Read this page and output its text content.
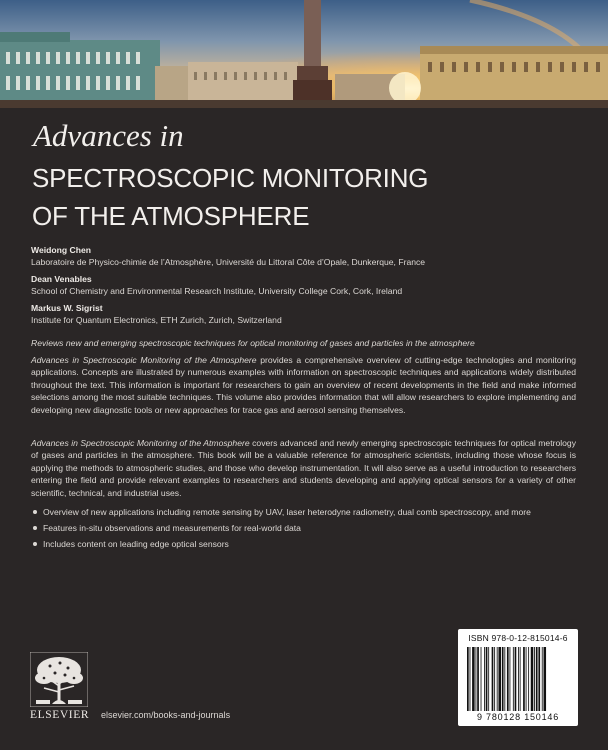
Advances in
SPECTROSCOPIC MONITORING
OF THE ATMOSPHERE
Weidong Chen
Laboratoire de Physico-chimie de l’Atmosphère, Université du Littoral Côte d’Opale, Dunkerque, France
Dean Venables
School of Chemistry and Environmental Research Institute, University College Cork, Cork, Ireland
Markus W. Sigrist
Institute for Quantum Electronics, ETH Zurich, Zurich, Switzerland
Reviews new and emerging spectroscopic techniques for optical monitoring of gases and particles in the atmosphere

Advances in Spectroscopic Monitoring of the Atmosphere provides a comprehensive overview of cutting-edge technologies and monitoring applications. Concepts are illustrated by numerous examples with information on spectroscopic techniques and applications widely distributed throughout the text. This information is important for researchers to gain an overview of recent developments in the field and make informed selections among the most suitable techniques. This volume also provides information that will allow researchers to explore implementing and developing new diagnostic tools or new approaches for trace gas and aerosol sensing themselves.

Advances in Spectroscopic Monitoring of the Atmosphere covers advanced and newly emerging spectroscopic techniques for optical metrology of gases and particles in the atmosphere. This book will be a valuable reference for atmospheric scientists, including those whose focus is applying the methods to atmospheric studies, and those who develop instrumentation. It will also serve as a useful introduction to researchers entering the field and provide relevant examples to researchers and students developing and applying optical sensors for a variety of other scientific, technical, and industrial uses.

Overview of new applications including remote sensing by UAV, laser heterodyne radiometry, dual comb spectroscopy, and more
Features in-situ observations and measurements for real-world data
Includes content on leading edge optical sensors
ELSEVIER elsevier.com/books-and-journals
ISBN 978-0-12-815014-6
9 780128 150146
